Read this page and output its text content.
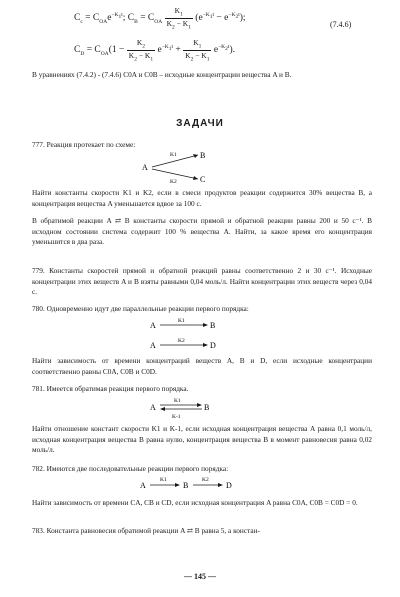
$C_c = C_{OA}e^{-K_1t}$; $C_B = C_{OA} \frac{K_1}{K_2 - K_1} (e^{-K_1t} - e^{-K_2t})$;
(7.4.6)
$C_D = C_{OA}(1 - \frac{K_2}{K_2 - K_1} e^{-K_1t} + \frac{K_1}{K_2 - K_1} e^{-K_2t})$.
В уравнениях (7.4.2) - (7.4.6) C0A и C0B – исходные концентрации вещества A и B.
ЗАДАЧИ
777. Реакция протекает по схеме:
A
B
C
K1
K2
Найти константы скорости K1 и K2, если в смеси продуктов реакции содержится 30% вещества B, а концентрация вещества A уменьшается вдвое за 100 с.
В обратимой реакции A ⇄ B константы скорости прямой и обратной реакции равны 200 и 50 с⁻¹. В исходном состоянии система содержит 100 % вещества A. Найти, за какое время его концентрация уменьшится в два раза.
779. Константы скоростей прямой и обратной реакций равны соответственно 2 и 30 с⁻¹. Исходные концентрации этих веществ A и B взяты равными 0,04 моль/л. Найти концентрации этих веществ через 0,04 с.
780. Одновременно идут две параллельные реакции первого порядка:
A	B
K1
A	D
K2
Найти зависимость от времени концентраций веществ A, B и D, если исходные концентрации соответственно равны C0A, C0B и C0D.
781. Имеется обратимая реакция первого порядка.
A	B
K1
K-1
Найти отношение констант скорости K1 и K-1, если исходная концентрация вещества A равна 0,1 моль/л, исходная концентрация вещества B равна нулю, концентрация вещества B в момент равновесия равна 0,02 моль/л.
782. Имеются две последовательные реакции первого порядка:
A
K1
B
K2
D
Найти зависимость от времени CA, CB и CD, если исходная концентрация A равна C0A, C0B = C0D = 0.
783. Константа равновесия обратимой реакции A ⇄ B равна 5, а констан-
— 145 —
